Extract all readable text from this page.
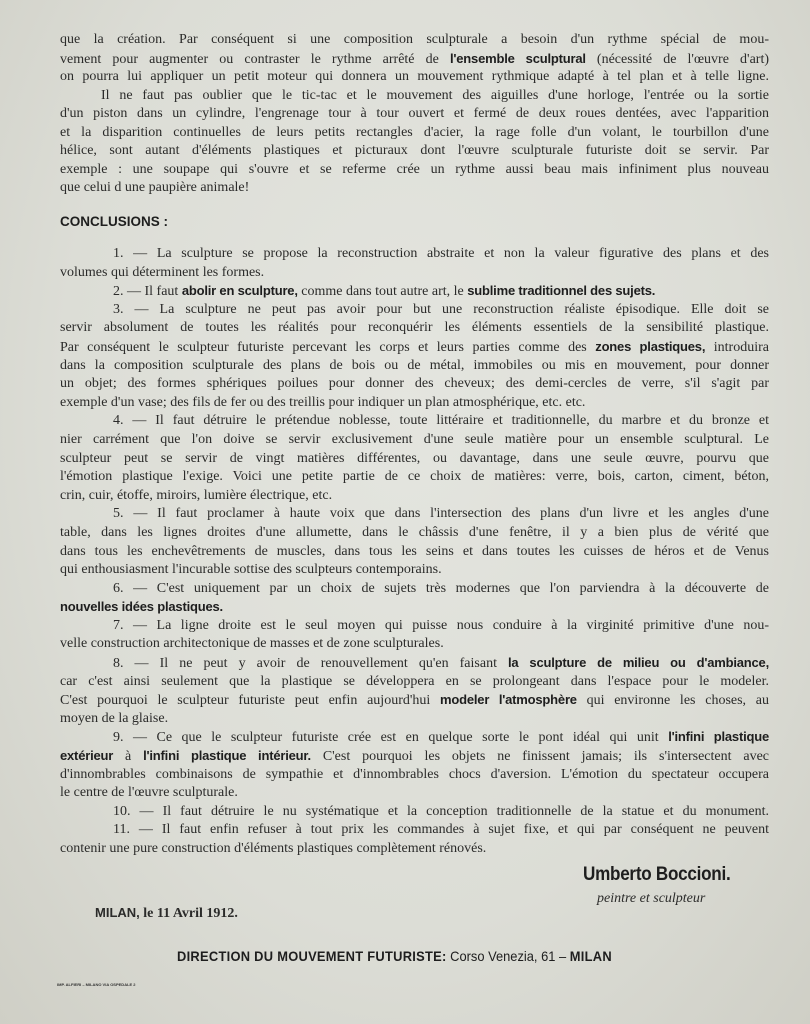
que la création. Par conséquent si une composition sculpturale a besoin d'un rythme spécial de mou-
vement pour augmenter ou contraster le rythme arrêté de l'ensemble sculptural (nécessité de l'œuvre d'art)
on pourra lui appliquer un petit moteur qui donnera un mouvement rythmique adapté à tel plan et à telle ligne.
Il ne faut pas oublier que le tic-tac et le mouvement des aiguilles d'une horloge, l'entrée ou la sortie
d'un piston dans un cylindre, l'engrenage tour à tour ouvert et fermé de deux roues dentées, avec l'apparition
et la disparition continuelles de leurs petits rectangles d'acier, la rage folle d'un volant, le tourbillon d'une
hélice, sont autant d'éléments plastiques et picturaux dont l'œuvre sculpturale futuriste doit se servir. Par
exemple : une soupape qui s'ouvre et se referme crée un rythme aussi beau mais infiniment plus nouveau
que celui d une paupière animale!
CONCLUSIONS :
1. — La sculpture se propose la reconstruction abstraite et non la valeur figurative des plans et des
volumes qui déterminent les formes.
2. — Il faut abolir en sculpture, comme dans tout autre art, le sublime traditionnel des sujets.
3. — La sculpture ne peut pas avoir pour but une reconstruction réaliste épisodique. Elle doit se
servir absolument de toutes les réalités pour reconquérir les éléments essentiels de la sensibilité plastique.
Par conséquent le sculpteur futuriste percevant les corps et leurs parties comme des zones plastiques, introduira
dans la composition sculpturale des plans de bois ou de métal, immobiles ou mis en mouvement, pour donner
un objet; des formes sphériques poilues pour donner des cheveux; des demi-cercles de verre, s'il s'agit par
exemple d'un vase; des fils de fer ou des treillis pour indiquer un plan atmosphérique, etc. etc.
4. — Il faut détruire le prétendue noblesse, toute littéraire et traditionnelle, du marbre et du bronze et
nier carrément que l'on doive se servir exclusivement d'une seule matière pour un ensemble sculptural. Le
sculpteur peut se servir de vingt matières différentes, ou davantage, dans une seule œuvre, pourvu que
l'émotion plastique l'exige. Voici une petite partie de ce choix de matières: verre, bois, carton, ciment, béton,
crin, cuir, étoffe, miroirs, lumière électrique, etc.
5. — Il faut proclamer à haute voix que dans l'intersection des plans d'un livre et les angles d'une
table, dans les lignes droites d'une allumette, dans le châssis d'une fenêtre, il y a bien plus de vérité que
dans tous les enchevêtrements de muscles, dans tous les seins et dans toutes les cuisses de héros et de Venus
qui enthousiasment l'incurable sottise des sculpteurs contemporains.
6. — C'est uniquement par un choix de sujets très modernes que l'on parviendra à la découverte de
nouvelles idées plastiques.
7. — La ligne droite est le seul moyen qui puisse nous conduire à la virginité primitive d'une nou-
velle construction architectonique de masses et de zone sculpturales.
8. — Il ne peut y avoir de renouvellement qu'en faisant la sculpture de milieu ou d'ambiance,
car c'est ainsi seulement que la plastique se développera en se prolongeant dans l'espace pour le modeler.
C'est pourquoi le sculpteur futuriste peut enfin aujourd'hui modeler l'atmosphère qui environne les choses, au
moyen de la glaise.
9. — Ce que le sculpteur futuriste crée est en quelque sorte le pont idéal qui unit l'infini plastique
extérieur à l'infini plastique intérieur. C'est pourquoi les objets ne finissent jamais; ils s'intersectent avec
d'innombrables combinaisons de sympathie et d'innombrables chocs d'aversion. L'émotion du spectateur occupera
le centre de l'œuvre sculpturale.
10. — Il faut détruire le nu systématique et la conception traditionnelle de la statue et du monument.
11. — Il faut enfin refuser à tout prix les commandes à sujet fixe, et qui par conséquent ne peuvent
contenir une pure construction d'éléments plastiques complètement rénovés.
Umberto Boccioni.
peintre et sculpteur
MILAN, le 11 Avril 1912.
DIRECTION DU MOUVEMENT FUTURISTE: Corso Venezia, 61 – MILAN
IMP. ALFIERI – MILANO VIA OSPEDALE 2
